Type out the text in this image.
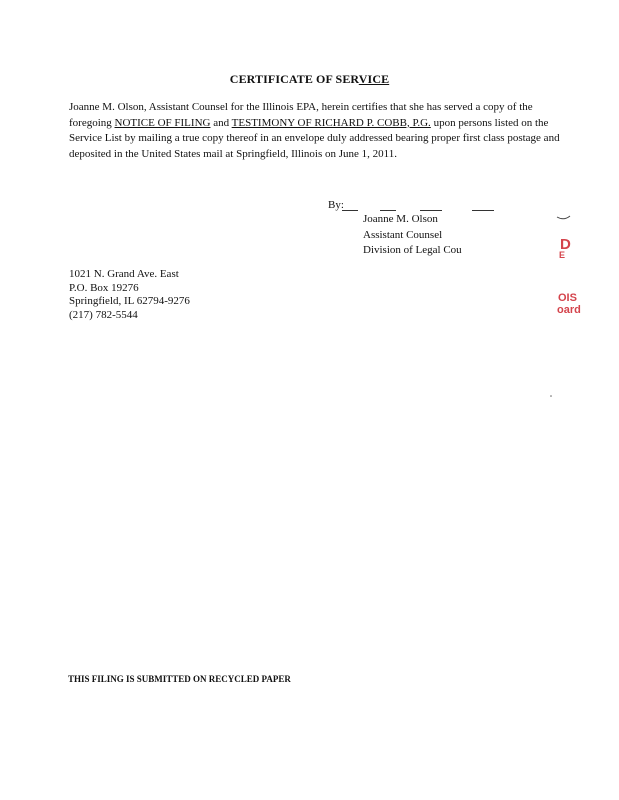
CERTIFICATE OF SERVICE

Joanne M. Olson, Assistant Counsel for the Illinois EPA, herein certifies that she has served a copy of the foregoing NOTICE OF FILING and TESTIMONY OF RICHARD P. COBB, P.G. upon persons listed on the Service List by mailing a true copy thereof in an envelope duly addressed bearing proper first class postage and deposited in the United States mail at Springfield, Illinois on June 1, 2011.

By:
Joanne M. Olson
Assistant Counsel
Division of Legal Cou
1021 N. Grand Ave. East
P.O. Box 19276
Springfield, IL 62794-9276
(217) 782-5544
D
E
OIS
oard
THIS FILING IS SUBMITTED ON RECYCLED PAPER
